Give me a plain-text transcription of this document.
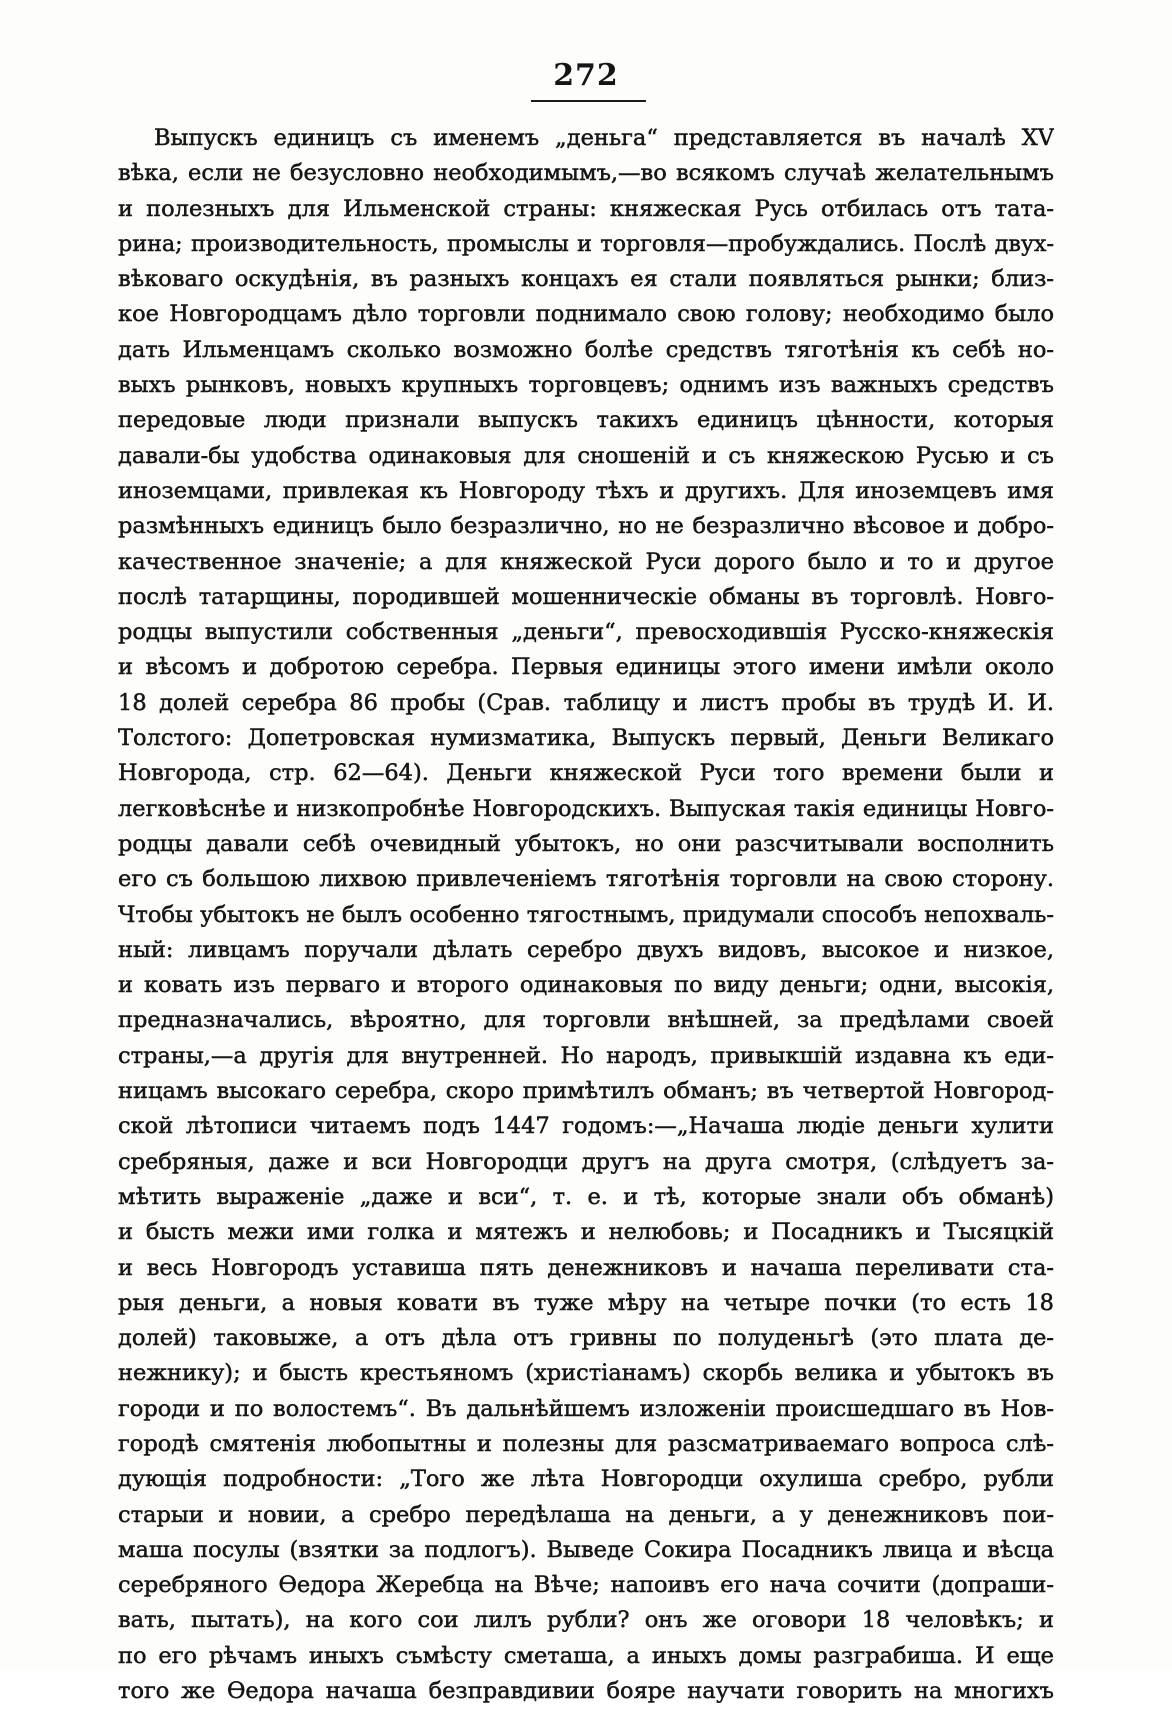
272
Выпускъ единицъ съ именемъ „деньга“ представляется въ началѣ XV
вѣка, если не безусловно необходимымъ,—во всякомъ случаѣ желательнымъ
и полезныхъ для Ильменской страны: княжеская Русь отбилась отъ тата-
рина; производительность, промыслы и торговля—пробуждались. Послѣ двух-
вѣковаго оскудѣнія, въ разныхъ концахъ ея стали появляться рынки; близ-
кое Новгородцамъ дѣло торговли поднимало свою голову; необходимо было
дать Ильменцамъ сколько возможно болѣе средствъ тяготѣнія къ себѣ но-
выхъ рынковъ, новыхъ крупныхъ торговцевъ; однимъ изъ важныхъ средствъ
передовые люди признали выпускъ такихъ единицъ цѣнности, которыя
давали-бы удобства одинаковыя для сношеній и съ княжескою Русью и съ
иноземцами, привлекая къ Новгороду тѣхъ и другихъ. Для иноземцевъ имя
размѣнныхъ единицъ было безразлично, но не безразлично вѣсовое и добро-
качественное значеніе; а для княжеской Руси дорого было и то и другое
послѣ татарщины, породившей мошенническіе обманы въ торговлѣ. Новго-
родцы выпустили собственныя „деньги“, превосходившія Русско-княжескія
и вѣсомъ и добротою серебра. Первыя единицы этого имени имѣли около
18 долей серебра 86 пробы (Срав. таблицу и листъ пробы въ трудѣ И. И.
Толстого: Допетровская нумизматика, Выпускъ первый, Деньги Великаго
Новгорода, стр. 62—64). Деньги княжеской Руси того времени были и
легковѣснѣе и низкопробнѣе Новгородскихъ. Выпуская такія единицы Новго-
родцы давали себѣ очевидный убытокъ, но они разсчитывали восполнить
его съ большою лихвою привлеченіемъ тяготѣнія торговли на свою сторону.
Чтобы убытокъ не былъ особенно тягостнымъ, придумали способъ непохваль-
ный: ливцамъ поручали дѣлать серебро двухъ видовъ, высокое и низкое,
и ковать изъ перваго и второго одинаковыя по виду деньги; одни, высокія,
предназначались, вѣроятно, для торговли внѣшней, за предѣлами своей
страны,—а другія для внутренней. Но народъ, привыкшій издавна къ еди-
ницамъ высокаго серебра, скоро примѣтилъ обманъ; въ четвертой Новгород-
ской лѣтописи читаемъ подъ 1447 годомъ:—„Начаша людіе деньги хулити
сребряныя, даже и вси Новгородци другъ на друга смотря, (слѣдуетъ за-
мѣтить выраженіе „даже и вси“, т. е. и тѣ, которые знали объ обманѣ)
и бысть межи ими голка и мятежъ и нелюбовь; и Посадникъ и Тысяцкій
и весь Новгородъ уставиша пять денежниковъ и начаша переливати ста-
рыя деньги, а новыя ковати въ туже мѣру на четыре почки (то есть 18
долей) таковыже, а отъ дѣла отъ гривны по полуденьгѣ (это плата де-
нежнику); и бысть крестьяномъ (христіанамъ) скорбь велика и убытокъ въ
городи и по волостемъ“. Въ дальнѣйшемъ изложеніи происшедшаго въ Нов-
городѣ смятенія любопытны и полезны для разсматриваемаго вопроса слѣ-
дующія подробности: „Того же лѣта Новгородци охулиша сребро, рубли
старыи и новии, а сребро передѣлаша на деньги, а у денежниковъ пои-
маша посулы (взятки за подлогъ). Выведе Сокира Посадникъ лвица и вѣсца
серебряного Ѳедора Жеребца на Вѣче; напоивъ его нача сочити (допраши-
вать, пытать), на кого сои лилъ рубли? онъ же оговори 18 человѣкъ; и
по его рѣчамъ иныхъ съмѣсту сметаша, а иныхъ домы разграбиша. И еще
того же Ѳедора начаша безправдивии бояре научати говорить на многихъ
